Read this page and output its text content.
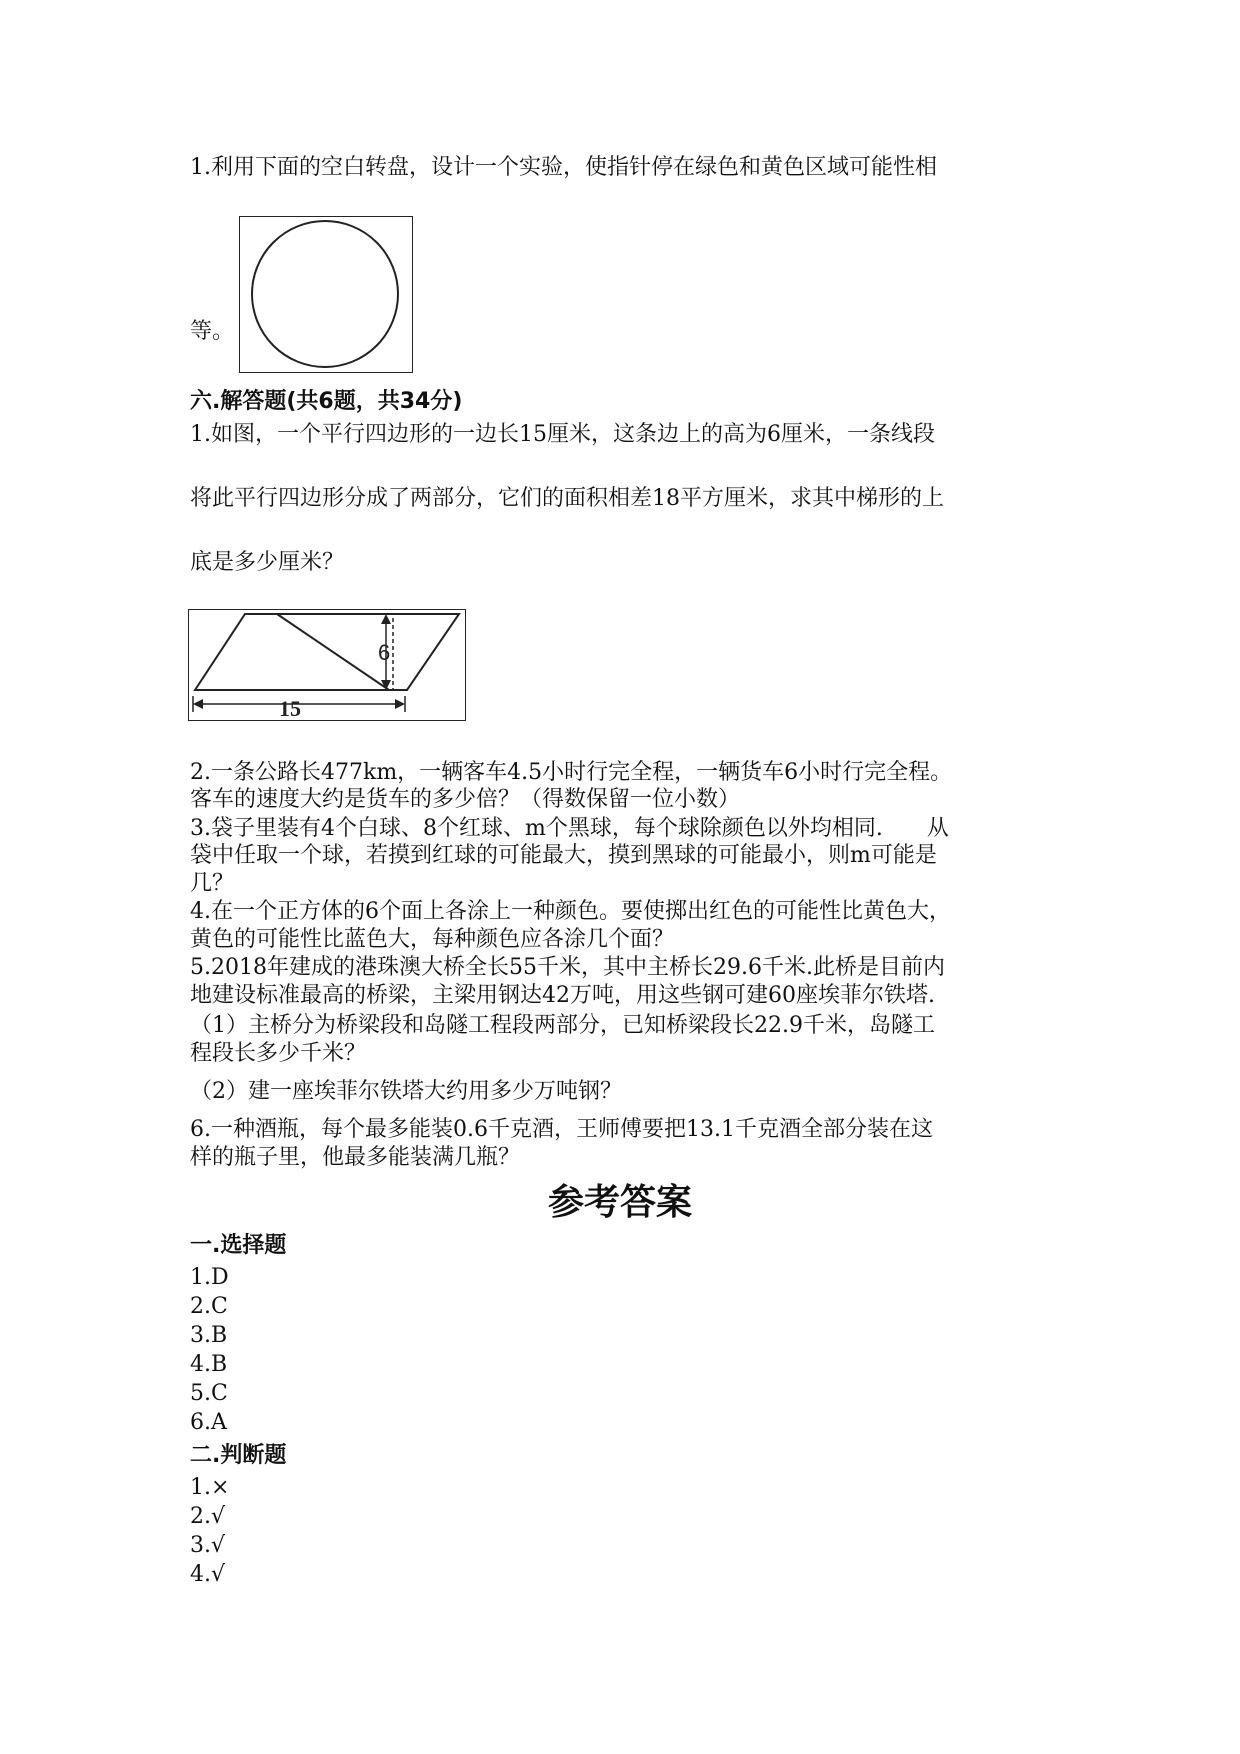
1.利用下面的空白转盘，设计一个实验，使指针停在绿色和黄色区域可能性相
等。
六.解答题(共6题，共34分)
1.如图，一个平行四边形的一边长15厘米，这条边上的高为6厘米，一条线段
将此平行四边形分成了两部分，它们的面积相差18平方厘米，求其中梯形的上
底是多少厘米？
6
15
2.一条公路长477km，一辆客车4.5小时行完全程，一辆货车6小时行完全程。
客车的速度大约是货车的多少倍？（得数保留一位小数）
3.袋子里装有4个白球、8个红球、m个黑球，每个球除颜色以外均相同.　　从
袋中任取一个球，若摸到红球的可能最大，摸到黑球的可能最小，则m可能是
几？
4.在一个正方体的6个面上各涂上一种颜色。要使掷出红色的可能性比黄色大，
黄色的可能性比蓝色大，每种颜色应各涂几个面？
5.2018年建成的港珠澳大桥全长55千米，其中主桥长29.6千米.此桥是目前内
地建设标准最高的桥梁，主梁用钢达42万吨，用这些钢可建60座埃菲尔铁塔.
（1）主桥分为桥梁段和岛隧工程段两部分，已知桥梁段长22.9千米，岛隧工
程段长多少千米？
（2）建一座埃菲尔铁塔大约用多少万吨钢？
6.一种酒瓶，每个最多能装0.6千克酒，王师傅要把13.1千克酒全部分装在这
样的瓶子里，他最多能装满几瓶？
参考答案
一.选择题
1.D
2.C
3.B
4.B
5.C
6.A
二.判断题
1.×
2.√
3.√
4.√
